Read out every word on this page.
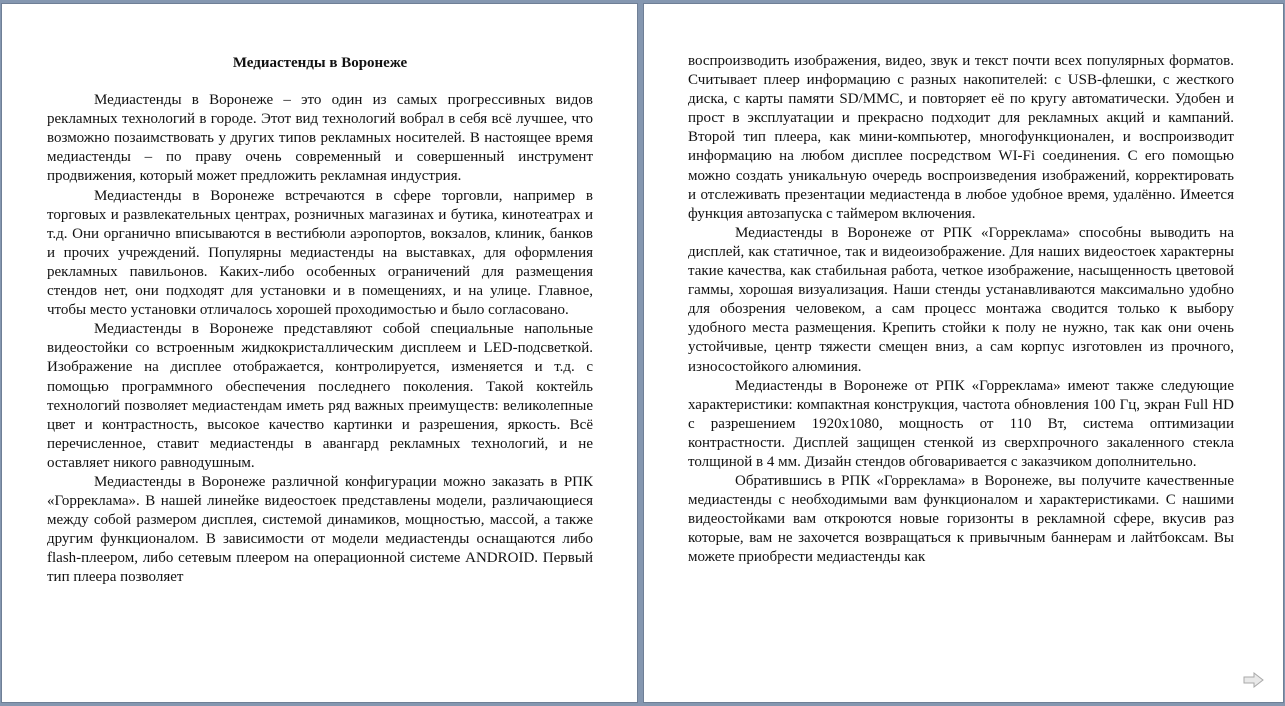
Медиастенды в Воронеже

Медиастенды в Воронеже – это один из самых прогрессивных видов рекламных технологий в городе. Этот вид технологий вобрал в себя всё лучшее, что возможно позаимствовать у других типов рекламных носителей. В настоящее время медиастенды – по праву очень современный и совершенный инструмент продвижения, который может предложить рекламная индустрия.

Медиастенды в Воронеже встречаются в сфере торговли, например в торговых и развлекательных центрах, розничных магазинах и бутика, кинотеатрах и т.д. Они органично вписываются в вестибюли аэропортов, вокзалов, клиник, банков и прочих учреждений. Популярны медиастенды на выставках, для оформления рекламных павильонов. Каких-либо особенных ограничений для размещения стендов нет, они подходят для установки и в помещениях, и на улице. Главное, чтобы место установки отличалось хорошей проходимостью и было согласовано.

Медиастенды в Воронеже представляют собой специальные напольные видеостойки со встроенным жидкокристаллическим дисплеем и LED-подсветкой. Изображение на дисплее отображается, контролируется, изменяется и т.д. с помощью программного обеспечения последнего поколения. Такой коктейль технологий позволяет медиастендам иметь ряд важных преимуществ: великолепные цвет и контрастность, высокое качество картинки и разрешения, яркость. Всё перечисленное, ставит медиастенды в авангард рекламных технологий, и не оставляет никого равнодушным.

Медиастенды в Воронеже различной конфигурации можно заказать в РПК «Горреклама». В нашей линейке видеостоек представлены модели, различающиеся между собой размером дисплея, системой динамиков, мощностью, массой, а также другим функционалом. В зависимости от модели медиастенды оснащаются либо flash-плеером, либо сетевым плеером на операционной системе ANDROID. Первый тип плеера позволяет

воспроизводить изображения, видео, звук и текст почти всех популярных форматов. Считывает плеер информацию с разных накопителей: с USB-флешки, с жесткого диска, с карты памяти SD/MMC, и повторяет её по кругу автоматически. Удобен и прост в эксплуатации и прекрасно подходит для рекламных акций и кампаний. Второй тип плеера, как мини-компьютер, многофункционален, и воспроизводит информацию на любом дисплее посредством WI-Fi соединения. С его помощью можно создать уникальную очередь воспроизведения изображений, корректировать и отслеживать презентации медиастенда в любое удобное время, удалённо. Имеется функция автозапуска с таймером включения.

Медиастенды в Воронеже от РПК «Горреклама» способны выводить на дисплей, как статичное, так и видеоизображение. Для наших видеостоек характерны такие качества, как стабильная работа, четкое изображение, насыщенность цветовой гаммы, хорошая визуализация. Наши стенды устанавливаются максимально удобно для обозрения человеком, а сам процесс монтажа сводится только к выбору удобного места размещения. Крепить стойки к полу не нужно, так как они очень устойчивые, центр тяжести смещен вниз, а сам корпус изготовлен из прочного, износостойкого алюминия.

Медиастенды в Воронеже от РПК «Горреклама» имеют также следующие характеристики: компактная конструкция, частота обновления 100 Гц, экран Full HD с разрешением 1920x1080, мощность от 110 Вт, система оптимизации контрастности. Дисплей защищен стенкой из сверхпрочного закаленного стекла толщиной в 4 мм. Дизайн стендов обговаривается с заказчиком дополнительно.

Обратившись в РПК «Горреклама» в Воронеже, вы получите качественные медиастенды с необходимыми вам функционалом и характеристиками. С нашими видеостойками вам откроются новые горизонты в рекламной сфере, вкусив раз которые, вам не захочется возвращаться к привычным баннерам и лайтбоксам. Вы можете приобрести медиастенды как
